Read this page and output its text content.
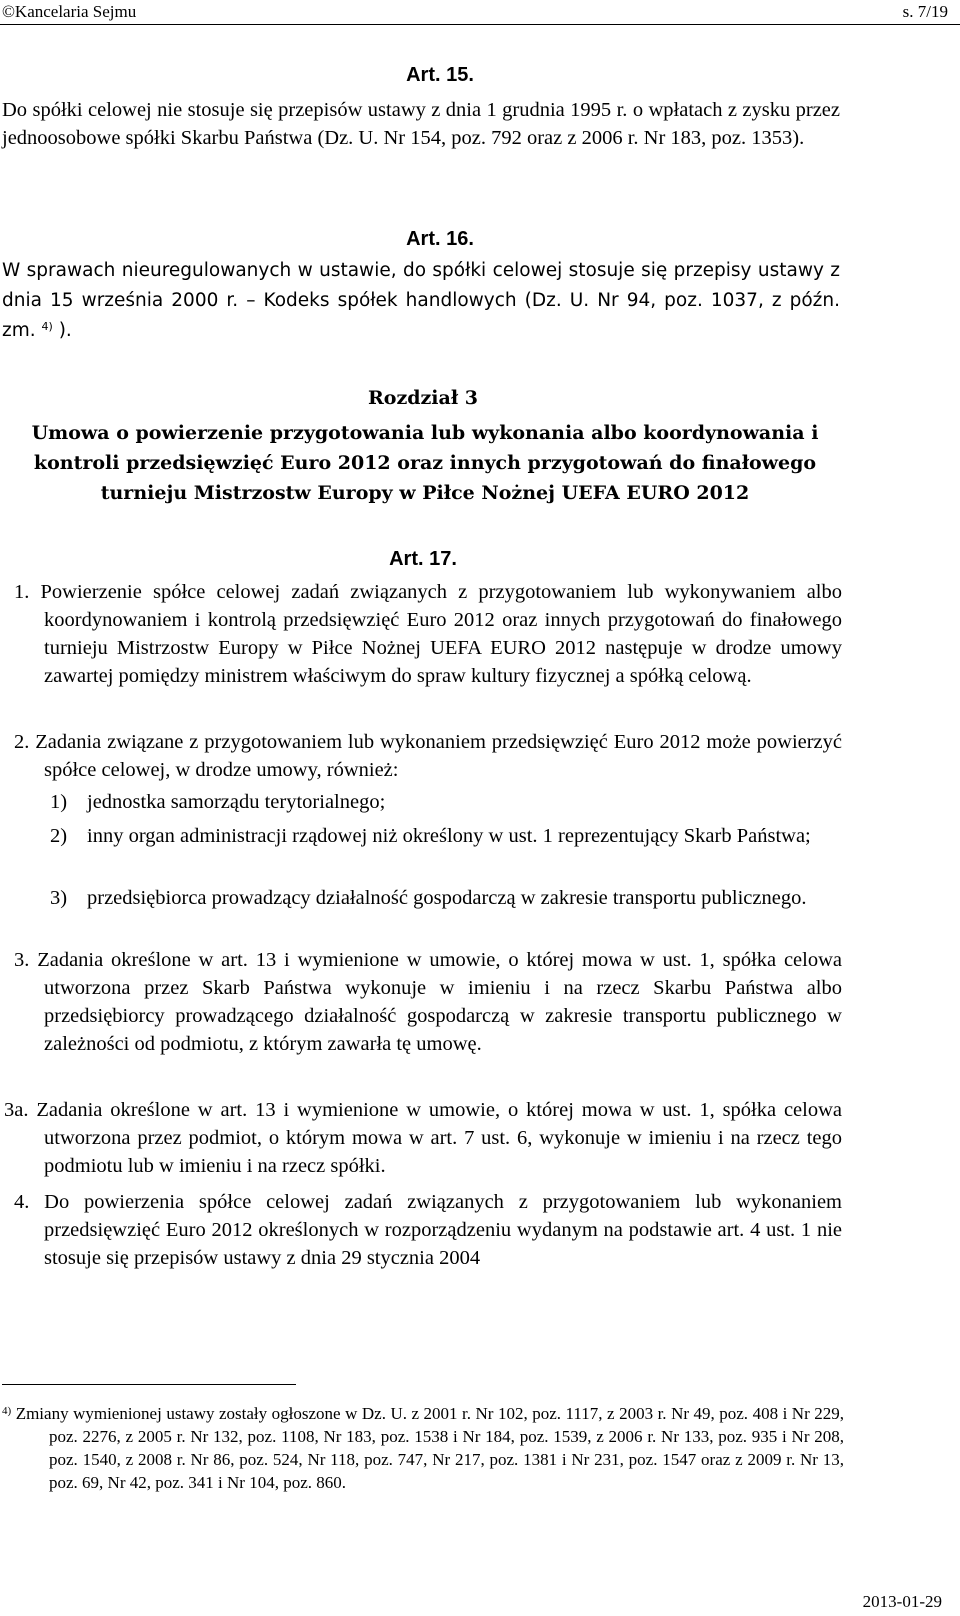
©Kancelaria Sejmu	s. 7/19
Art. 15.

Do spółki celowej nie stosuje się przepisów ustawy z dnia 1 grudnia 1995 r. o wpłatach z zysku przez jednoosobowe spółki Skarbu Państwa (Dz. U. Nr 154, poz. 792 oraz z 2006 r. Nr 183, poz. 1353).

Art. 16.

W sprawach nieuregulowanych w ustawie, do spółki celowej stosuje się przepisy ustawy z dnia 15 września 2000 r. – Kodeks spółek handlowych (Dz. U. Nr 94, poz. 1037, z późn. zm. $^{4)}$ ).

Rozdział 3

Umowa o powierzenie przygotowania lub wykonania albo koordynowania i kontroli przedsięwzięć Euro 2012 oraz innych przygotowań do finałowego turnieju Mistrzostw Europy w Piłce Nożnej UEFA EURO 2012

Art. 17.

1. Powierzenie spółce celowej zadań związanych z przygotowaniem lub wykonywaniem albo koordynowaniem i kontrolą przedsięwzięć Euro 2012 oraz innych przygotowań do finałowego turnieju Mistrzostw Europy w Piłce Nożnej UEFA EURO 2012 następuje w drodze umowy zawartej pomiędzy ministrem właściwym do spraw kultury fizycznej a spółką celową.

2. Zadania związane z przygotowaniem lub wykonaniem przedsięwzięć Euro 2012 może powierzyć spółce celowej, w drodze umowy, również:

1) jednostka samorządu terytorialnego;

2) inny organ administracji rządowej niż określony w ust. 1 reprezentujący Skarb Państwa;

3) przedsiębiorca prowadzący działalność gospodarczą w zakresie transportu publicznego.

3. Zadania określone w art. 13 i wymienione w umowie, o której mowa w ust. 1, spółka celowa utworzona przez Skarb Państwa wykonuje w imieniu i na rzecz Skarbu Państwa albo przedsiębiorcy prowadzącego działalność gospodarczą w zakresie transportu publicznego w zależności od podmiotu, z którym zawarła tę umowę.

3a. Zadania określone w art. 13 i wymienione w umowie, o której mowa w ust. 1, spółka celowa utworzona przez podmiot, o którym mowa w art. 7 ust. 6, wykonuje w imieniu i na rzecz tego podmiotu lub w imieniu i na rzecz spółki.

4. Do powierzenia spółce celowej zadań związanych z przygotowaniem lub wykonaniem przedsięwzięć Euro 2012 określonych w rozporządzeniu wydanym na podstawie art. 4 ust. 1 nie stosuje się przepisów ustawy z dnia 29 stycznia 2004

$^{4)}$ Zmiany wymienionej ustawy zostały ogłoszone w Dz. U. z 2001 r. Nr 102, poz. 1117, z 2003 r. Nr 49, poz. 408 i Nr 229, poz. 2276, z 2005 r. Nr 132, poz. 1108, Nr 183, poz. 1538 i Nr 184, poz. 1539, z 2006 r. Nr 133, poz. 935 i Nr 208, poz. 1540, z 2008 r. Nr 86, poz. 524, Nr 118, poz. 747, Nr 217, poz. 1381 i Nr 231, poz. 1547 oraz z 2009 r. Nr 13, poz. 69, Nr 42, poz. 341 i Nr 104, poz. 860.

2013-01-29
